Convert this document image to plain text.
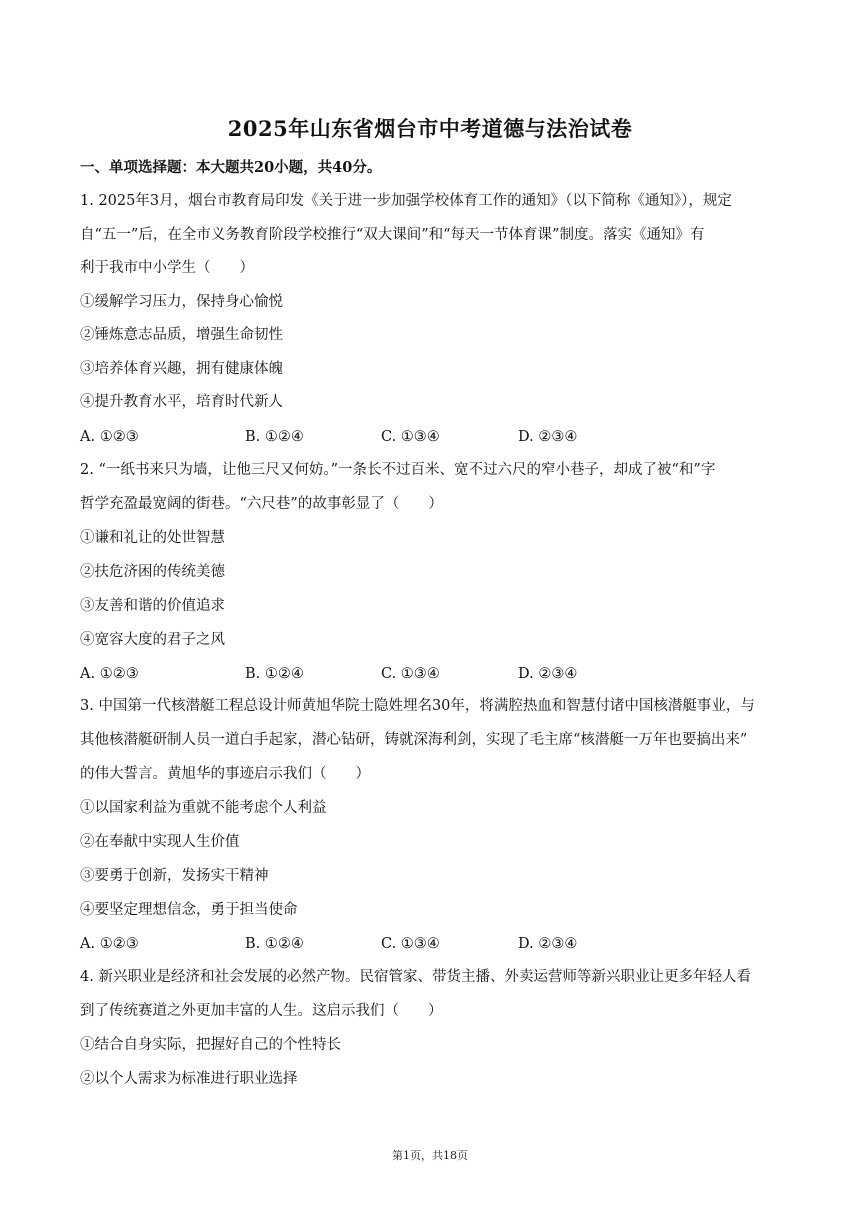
2025年山东省烟台市中考道德与法治试卷
一、单项选择题：本大题共20小题，共40分。
1. 2025年3月，烟台市教育局印发《关于进一步加强学校体育工作的通知》（以下简称《通知》），规定
自“五一”后，在全市义务教育阶段学校推行“双大课间”和“每天一节体育课”制度。落实《通知》有
利于我市中小学生（　　）
①缓解学习压力，保持身心愉悦
②锤炼意志品质，增强生命韧性
③培养体育兴趣，拥有健康体魄
④提升教育水平，培育时代新人
A. ①②③	B. ①②④	C. ①③④	D. ②③④
2. “一纸书来只为墙，让他三尺又何妨。”一条长不过百米、宽不过六尺的窄小巷子，却成了被“和”字
哲学充盈最宽阔的街巷。“六尺巷”的故事彰显了（　　）
①谦和礼让的处世智慧
②扶危济困的传统美德
③友善和谐的价值追求
④宽容大度的君子之风
A. ①②③	B. ①②④	C. ①③④	D. ②③④
3. 中国第一代核潜艇工程总设计师黄旭华院士隐姓埋名30年，将满腔热血和智慧付诸中国核潜艇事业，与
其他核潜艇研制人员一道白手起家，潜心钻研，铸就深海利剑，实现了毛主席“核潜艇一万年也要搞出来”
的伟大誓言。黄旭华的事迹启示我们（　　）
①以国家利益为重就不能考虑个人利益
②在奉献中实现人生价值
③要勇于创新，发扬实干精神
④要坚定理想信念，勇于担当使命
A. ①②③	B. ①②④	C. ①③④	D. ②③④
4. 新兴职业是经济和社会发展的必然产物。民宿管家、带货主播、外卖运营师等新兴职业让更多年轻人看
到了传统赛道之外更加丰富的人生。这启示我们（　　）
①结合自身实际，把握好自己的个性特长
②以个人需求为标准进行职业选择
第1页，共18页
